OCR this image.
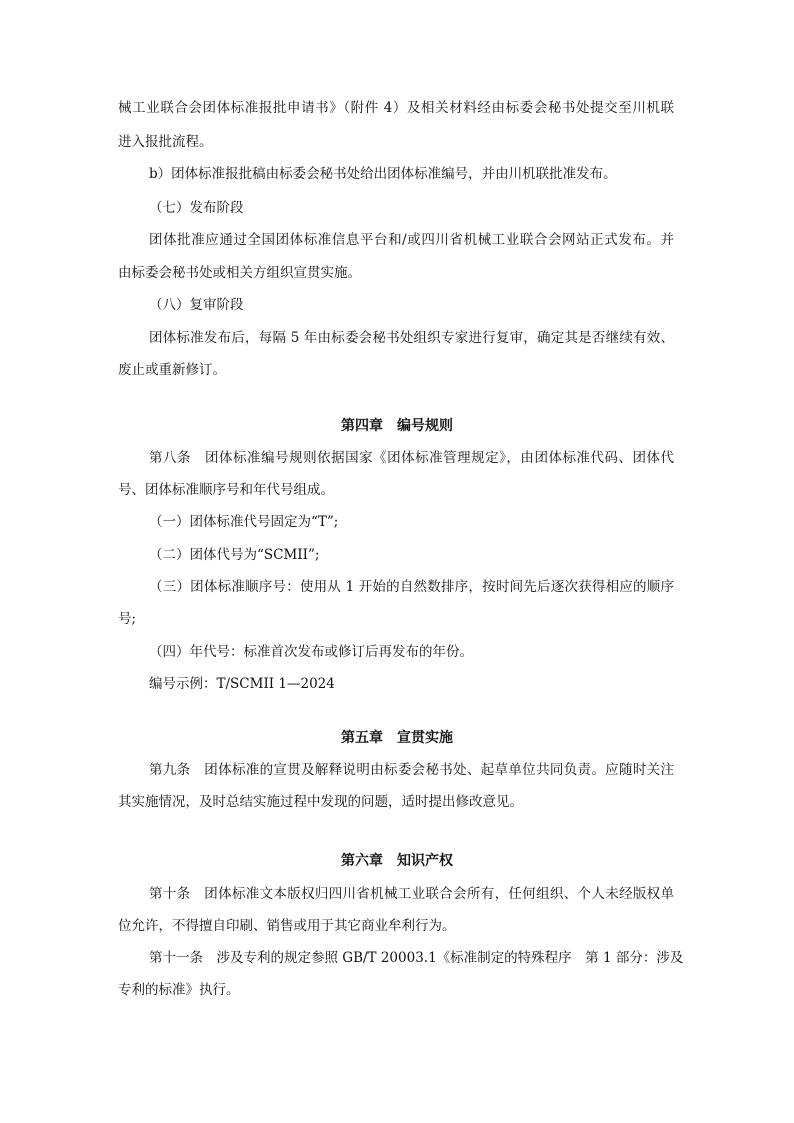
械工业联合会团体标准报批申请书》（附件 4）及相关材料经由标委会秘书处提交至川机联
进入报批流程。
b）团体标准报批稿由标委会秘书处给出团体标准编号，并由川机联批准发布。
（七）发布阶段
团体批准应通过全国团体标准信息平台和/或四川省机械工业联合会网站正式发布。并
由标委会秘书处或相关方组织宣贯实施。
（八）复审阶段
团体标准发布后，每隔 5 年由标委会秘书处组织专家进行复审，确定其是否继续有效、
废止或重新修订。
第四章　编号规则
第八条　团体标准编号规则依据国家《团体标准管理规定》，由团体标准代码、团体代
号、团体标准顺序号和年代号组成。
（一）团体标准代号固定为“T”;
（二）团体代号为“SCMII”;
（三）团体标准顺序号：使用从 1 开始的自然数排序，按时间先后逐次获得相应的顺序
号;
（四）年代号：标准首次发布或修订后再发布的年份。
编号示例：T/SCMII 1—2024
第五章　宣贯实施
第九条　团体标准的宣贯及解释说明由标委会秘书处、起草单位共同负责。应随时关注
其实施情况，及时总结实施过程中发现的问题，适时提出修改意见。
第六章　知识产权
第十条　团体标准文本版权归四川省机械工业联合会所有，任何组织、个人未经版权单
位允许，不得擅自印刷、销售或用于其它商业牟利行为。
第十一条　涉及专利的规定参照 GB/T 20003.1《标准制定的特殊程序　第 1 部分：涉及
专利的标准》执行。
